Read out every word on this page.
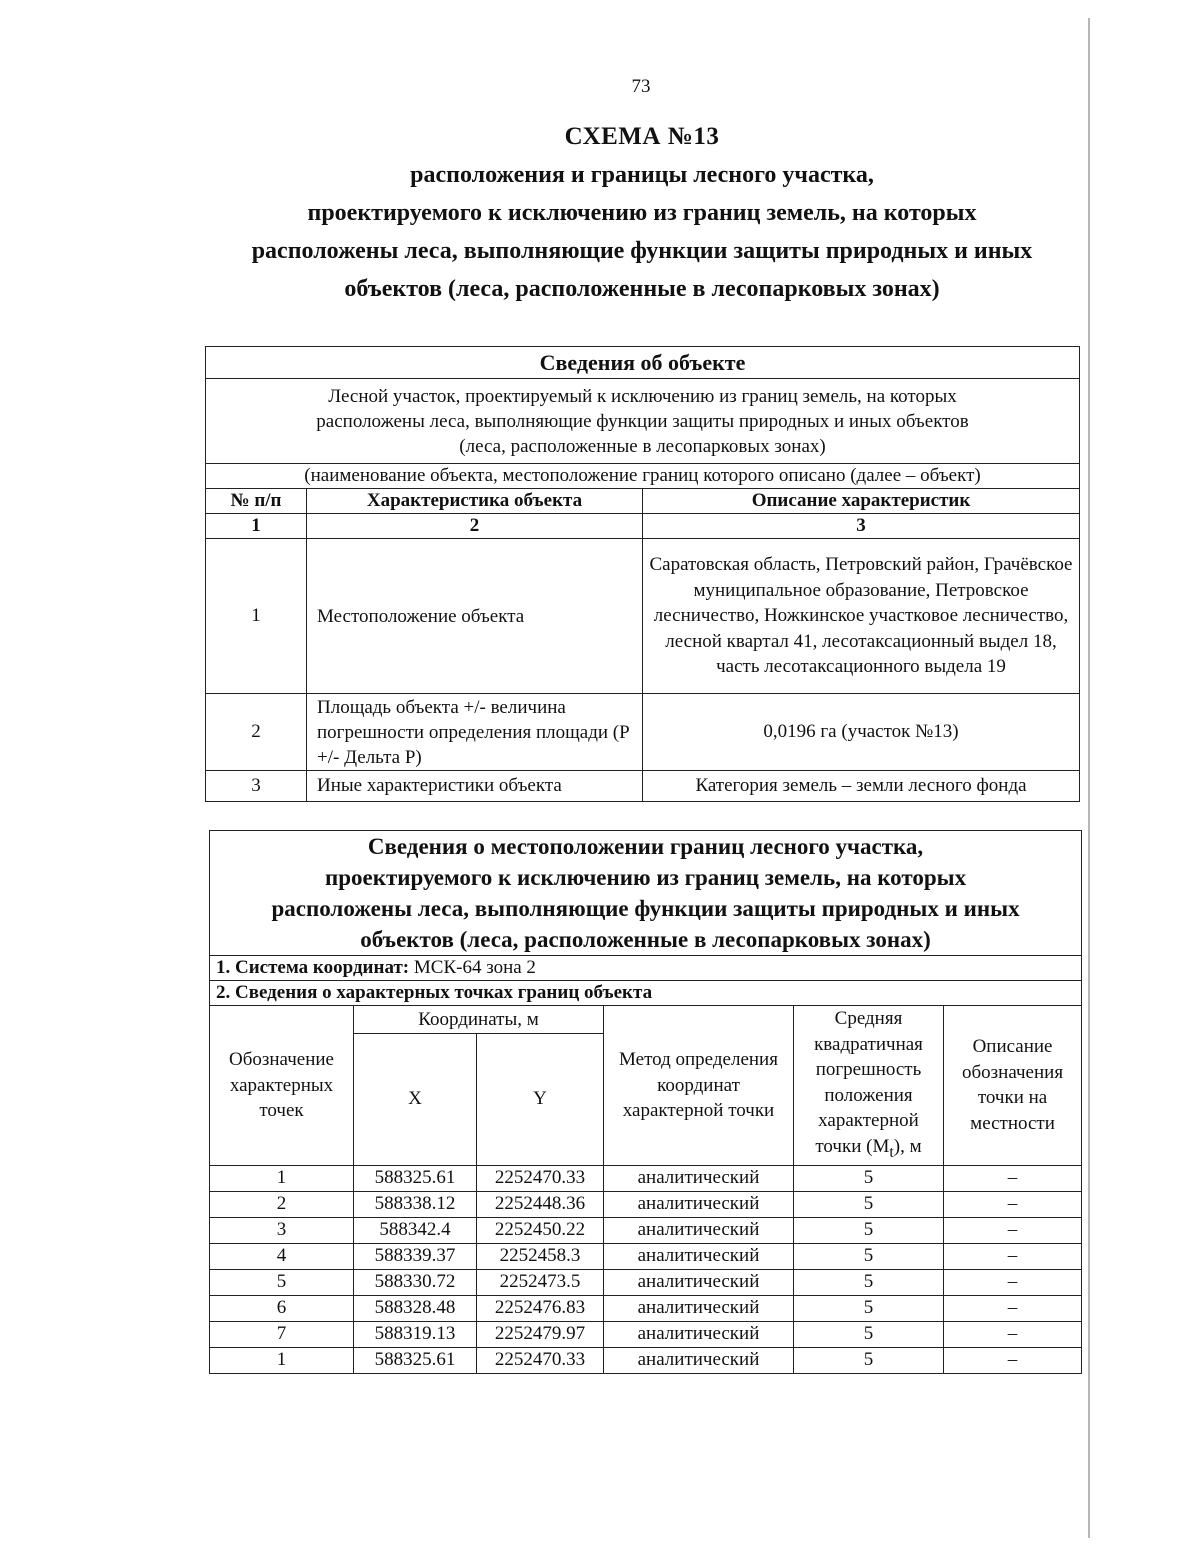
73
СХЕМА №13
расположения и границы лесного участка,
проектируемого к исключению из границ земель, на которых
расположены леса, выполняющие функции защиты природных и иных
объектов (леса, расположенные в лесопарковых зонах)
Сведения об объекте		

Лесной участок, проектируемый к исключению из границ земель, на которых
расположены леса, выполняющие функции защиты природных и иных объектов
(леса, расположенные в лесопарковых зонах)		

(наименование объекта, местоположение границ которого описано (далее – объект)		
№ п/п	Характеристика объекта	Описание характеристик
1	2	3
1	Местоположение объекта	Саратовская область, Петровский район, Грачёвское муниципальное образование, Петровское лесничество, Ножкинское участковое лесничество, лесной квартал 41, лесотаксационный выдел 18, часть лесотаксационного выдела 19
2	Площадь объекта +/- величина погрешности определения площади (Р +/- Дельта Р)	0,0196 га (участок №13)
3	Иные характеристики объекта	Категория земель – земли лесного фонда
Сведения о местоположении границ лесного участка,
проектируемого к исключению из границ земель, на которых
расположены леса, выполняющие функции защиты природных и иных
объектов (леса, расположенные в лесопарковых зонах)					

1. Система координат: МСК-64 зона 2					
2. Сведения о характерных точках границ объекта					
Обозначение характерных точек	Координаты, м		Метод определения координат характерной точки	Средняя квадратичная погрешность положения характерной точки $(M_t)$, м	Описание обозначения точки на местности
	X	Y			
1	588325.61	2252470.33	аналитический	5	–
2	588338.12	2252448.36	аналитический	5	–
3	588342.4	2252450.22	аналитический	5	–
4	588339.37	2252458.3	аналитический	5	–
5	588330.72	2252473.5	аналитический	5	–
6	588328.48	2252476.83	аналитический	5	–
7	588319.13	2252479.97	аналитический	5	–
1	588325.61	2252470.33	аналитический	5	–
